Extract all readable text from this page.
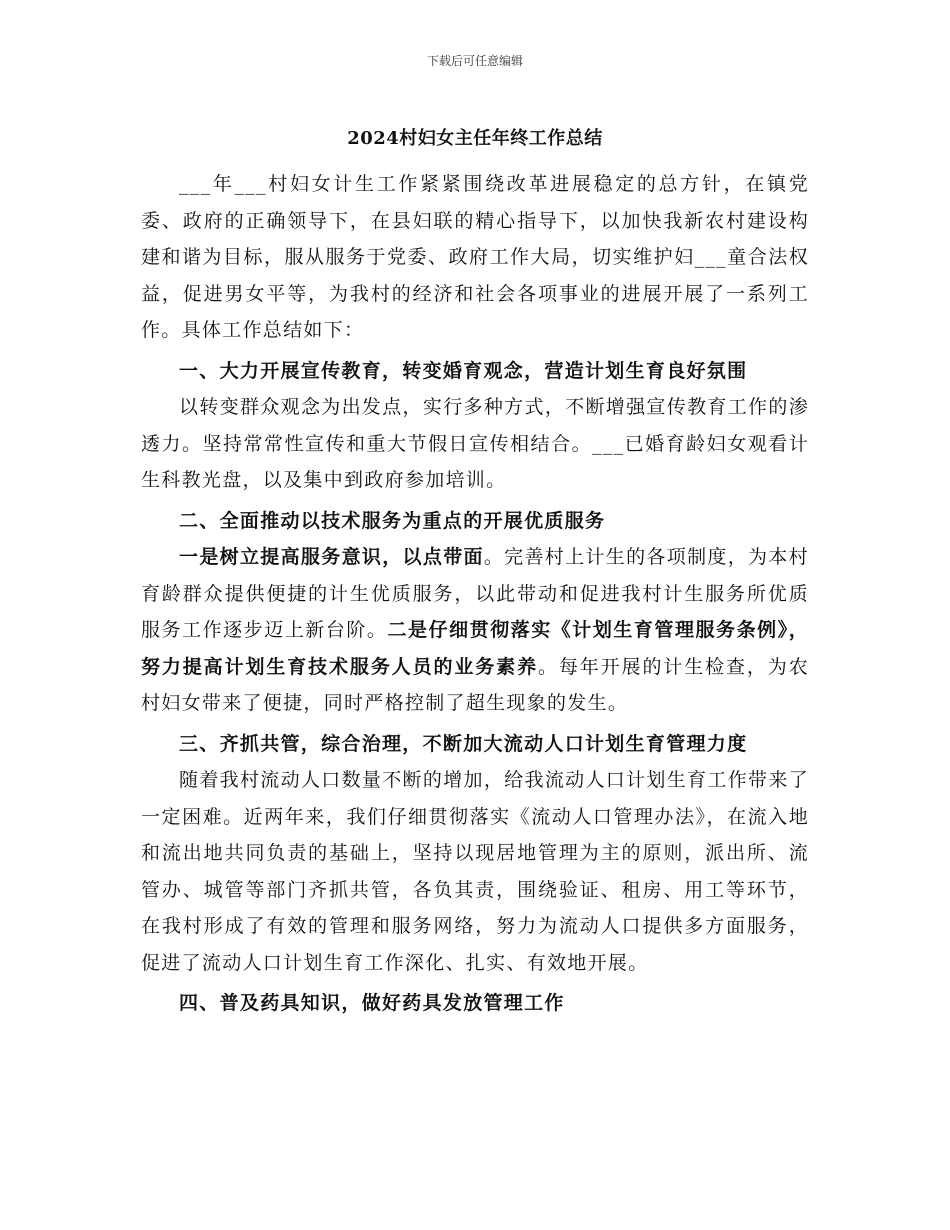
下载后可任意编辑
2024村妇女主任年终工作总结

___年___村妇女计生工作紧紧围绕改革进展稳定的总方针，在镇党委、政府的正确领导下，在县妇联的精心指导下，以加快我新农村建设构建和谐为目标，服从服务于党委、政府工作大局，切实维护妇___童合法权益，促进男女平等，为我村的经济和社会各项事业的进展开展了一系列工作。具体工作总结如下：

一、大力开展宣传教育，转变婚育观念，营造计划生育良好氛围

以转变群众观念为出发点，实行多种方式，不断增强宣传教育工作的渗透力。坚持常常性宣传和重大节假日宣传相结合。___已婚育龄妇女观看计生科教光盘，以及集中到政府参加培训。

二、全面推动以技术服务为重点的开展优质服务

一是树立提高服务意识，以点带面。完善村上计生的各项制度，为本村育龄群众提供便捷的计生优质服务，以此带动和促进我村计生服务所优质服务工作逐步迈上新台阶。二是仔细贯彻落实《计划生育管理服务条例》，努力提高计划生育技术服务人员的业务素养。每年开展的计生检查，为农村妇女带来了便捷，同时严格控制了超生现象的发生。

三、齐抓共管，综合治理，不断加大流动人口计划生育管理力度

随着我村流动人口数量不断的增加，给我流动人口计划生育工作带来了一定困难。近两年来，我们仔细贯彻落实《流动人口管理办法》，在流入地和流出地共同负责的基础上，坚持以现居地管理为主的原则，派出所、流管办、城管等部门齐抓共管，各负其责，围绕验证、租房、用工等环节，在我村形成了有效的管理和服务网络，努力为流动人口提供多方面服务，促进了流动人口计划生育工作深化、扎实、有效地开展。

四、普及药具知识，做好药具发放管理工作
